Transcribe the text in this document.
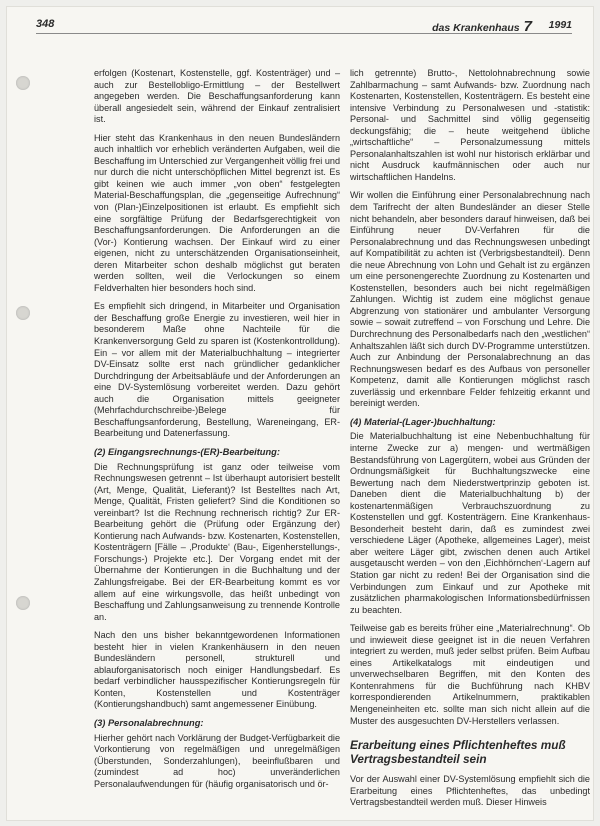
348	das Krankenhaus 7 1991

erfolgen (Kostenart, Kostenstelle, ggf. Kostenträger) und – auch zur Bestellobligo-Ermittlung – der Bestellwert angegeben werden. Die Beschaffungsanforderung kann überall angesiedelt sein, während der Einkauf zentralisiert ist.

Hier steht das Krankenhaus in den neuen Bundesländern auch inhaltlich vor erheblich veränderten Aufgaben, weil die Beschaffung im Unterschied zur Vergangenheit völlig frei und nur durch die nicht unterschöpflichen Mittel begrenzt ist. Es gibt keinen wie auch immer „von oben“ festgelegten Material-Beschaffungsplan, die „gegenseitige Aufrechnung“ von (Plan-)Einzelpositionen ist erlaubt. Es empfiehlt sich eine sorgfältige Prüfung der Bedarfsgerechtigkeit von Beschaffungsanforderungen. Die Anforderungen an die (Vor-) Kontierung wachsen. Der Einkauf wird zu einer eigenen, nicht zu unterschätzenden Organisationseinheit, deren Mitarbeiter schon deshalb möglichst gut beraten werden sollten, weil die Verlockungen so einem Feldverhalten hier besonders hoch sind.

Es empfiehlt sich dringend, in Mitarbeiter und Organisation der Beschaffung große Energie zu investieren, weil hier in besonderem Maße ohne Nachteile für die Krankenversorgung Geld zu sparen ist (Kostenkontrolldung). Ein – vor allem mit der Materialbuchhaltung – integrierter DV-Einsatz sollte erst nach gründlicher gedanklicher Durchdringung der Arbeitsabläufe und der Anforderungen an eine DV-Systemlösung vorbereitet werden. Dazu gehört auch die Organisation mittels geeigneter (Mehrfachdurchschreibe-)Belege für Beschaffungsanforderung, Bestellung, Wareneingang, ER-Bearbeitung und Datenerfassung.

(2) Eingangsrechnungs-(ER)-Bearbeitung:

Die Rechnungsprüfung ist ganz oder teilweise vom Rechnungswesen getrennt – Ist überhaupt autorisiert bestellt (Art, Menge, Qualität, Lieferant)? Ist Bestelltes nach Art, Menge, Qualität, Fristen geliefert? Sind die Konditionen so vereinbart? Ist die Rechnung rechnerisch richtig? Zur ER-Bearbeitung gehört die (Prüfung oder Ergänzung der) Kontierung nach Aufwands- bzw. Kostenarten, Kostenstellen, Kostenträgern [Fälle – ‚Produkte‘ (Bau-, Eigenherstellungs-, Forschungs-) Projekte etc.]. Der Vorgang endet mit der Übernahme der Kontierungen in die Buchhaltung und der Zahlungsfreigabe. Bei der ER-Bearbeitung kommt es vor allem auf eine wirkungsvolle, das heißt unbedingt von Beschaffung und Zahlungsanweisung zu trennende Kontrolle an.

Nach den uns bisher bekanntgewordenen Informationen besteht hier in vielen Krankenhäusern in den neuen Bundesländern personell, strukturell und ablauforganisatorisch noch einiger Handlungsbedarf. Es bedarf verbindlicher hausspezifischer Kontierungsregeln für Konten, Kostenstellen und Kostenträger (Kontierungshandbuch) samt angemessener Einübung.

(3) Personalabrechnung:

Hierher gehört nach Vorklärung der Budget-Verfügbarkeit die Vorkontierung von regelmäßigen und unregelmäßigen (Überstunden, Sonderzahlungen), beeinflußbaren und (zumindest ad hoc) unveränderlichen Personalaufwendungen für (häufig organisatorisch und ör-

lich getrennte) Brutto-, Nettolohnabrechnung sowie Zahlbarmachung – samt Aufwands- bzw. Zuordnung nach Kostenarten, Kostenstellen, Kostenträgern. Es besteht eine intensive Verbindung zu Personalwesen und -statistik: Personal- und Sachmittel sind völlig gegenseitig deckungsfähig; die – heute weitgehend übliche „wirtschaftliche“ – Personalzumessung mittels Personalanhaltszahlen ist wohl nur historisch erklärbar und nicht Ausdruck kaufmännischen oder auch nur wirtschaftlichen Handelns.

Wir wollen die Einführung einer Personalabrechnung nach dem Tarifrecht der alten Bundesländer an dieser Stelle nicht behandeln, aber besonders darauf hinweisen, daß bei Einführung neuer DV-Verfahren für die Personalabrechnung und das Rechnungswesen unbedingt auf Kompatibilität zu achten ist (Verbrigsbestandteil). Denn die neue Abrechnung von Lohn und Gehalt ist zu ergänzen um eine personengerechte Zuordnung zu Kostenarten und Kostenstellen, besonders auch bei nicht regelmäßigen Zahlungen. Wichtig ist zudem eine möglichst genaue Abgrenzung von stationärer und ambulanter Versorgung sowie – sowait zutreffend – von Forschung und Lehre. Die Durchrechnung des Personalbedarfs nach den „westlichen“ Anhaltszahlen läßt sich durch DV-Programme unterstützen. Auch zur Anbindung der Personalabrechnung an das Rechnungswesen bedarf es des Aufbaus von personeller Kompetenz, damit alle Kontierungen möglichst rasch zuverlässig und erkennbare Felder fehlzeitig erkannt und bereinigt werden.

(4) Material-(Lager-)buchhaltung:

Die Materialbuchhaltung ist eine Nebenbuchhaltung für interne Zwecke zur a) mengen- und wertmäßigen Bestandsführung von Lagergütern, wobei aus Gründen der Ordnungsmäßigkeit für Buchhaltungszwecke eine Bewertung nach dem Niederstwertprinzip geboten ist. Daneben dient die Materialbuchhaltung b) der kostenartenmäßigen Verbrauchszuordnung zu Kostenstellen und ggf. Kostenträgern. Eine Krankenhaus-Besonderheit besteht darin, daß es zumindest zwei verschiedene Läger (Apotheke, allgemeines Lager), meist aber weitere Läger gibt, zwischen denen auch Artikel ausgetauscht werden – von den ‚Eichhörnchen‘-Lagern auf Station gar nicht zu reden! Bei der Organisation sind die Verbindungen zum Einkauf und zur Apotheke mit zusätzlichen pharmakologischen Informationsbedürfnissen zu beachten.

Teilweise gab es bereits früher eine „Materialrechnung“. Ob und inwieweit diese geeignet ist in die neuen Verfahren integriert zu werden, muß jeder selbst prüfen. Beim Aufbau eines Artikelkatalogs mit eindeutigen und unverwechselbaren Begriffen, mit den Konten des Kontenrahmens für die Buchführung nach KHBV korrespondierenden Artikelnummern, praktikablen Mengeneinheiten etc. sollte man sich nicht allein auf die Muster des ausgesuchten DV-Herstellers verlassen.

Erarbeitung eines Pflichtenheftes muß Vertragsbestandteil sein

Vor der Auswahl einer DV-Systemlösung empfiehlt sich die Erarbeitung eines Pflichtenheftes, das unbedingt Vertragsbestandteil werden muß. Dieser Hinweis
